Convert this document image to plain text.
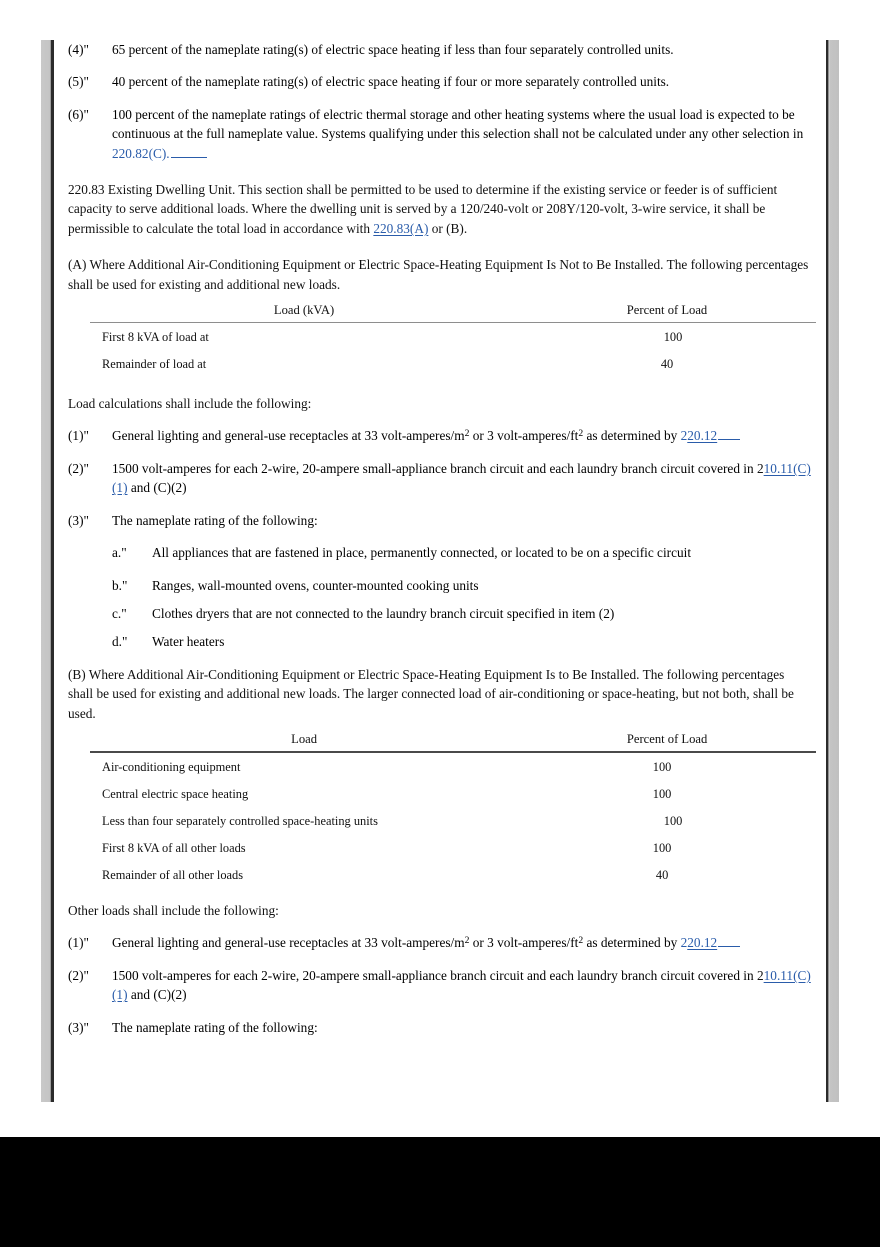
(4)"	65 percent of the nameplate rating(s) of electric space heating if less than four separately controlled units.
(5)"	40 percent of the nameplate rating(s) of electric space heating if four or more separately controlled units.
(6)"	100 percent of the nameplate ratings of electric thermal storage and other heating systems where the usual load is expected to be continuous at the full nameplate value. Systems qualifying under this selection shall not be calculated under any other selection in 220.82(C).

220.83 Existing Dwelling Unit. This section shall be permitted to be used to determine if the existing service or feeder is of sufficient capacity to serve additional loads. Where the dwelling unit is served by a 120/240-volt or 208Y/120-volt, 3-wire service, it shall be permissible to calculate the total load in accordance with 220.83(A) or (B).

(A) Where Additional Air-Conditioning Equipment or Electric Space-Heating Equipment Is Not to Be Installed. The following percentages shall be used for existing and additional new loads.

Load (kVA)	Percent of Load
First 8 kVA of load at	100
Remainder of load at	40

Load calculations shall include the following:

(1)"	General lighting and general-use receptacles at 33 volt-$amperes/m^2$ or 3 volt-$amperes/ft^2$ as determined by 220.12
(2)"	1500 volt-amperes for each 2-wire, 20-ampere small-appliance branch circuit and each laundry branch circuit covered in 210.11(C)(1) and (C)(2)
(3)"	The nameplate rating of the following:
a."	All appliances that are fastened in place, permanently connected, or located to be on a specific circuit
b."	Ranges, wall-mounted ovens, counter-mounted cooking units
c."	Clothes dryers that are not connected to the laundry branch circuit specified in item (2)
d."	Water heaters

(B) Where Additional Air-Conditioning Equipment or Electric Space-Heating Equipment Is to Be Installed. The following percentages shall be used for existing and additional new loads. The larger connected load of air-conditioning or space-heating, but not both, shall be used.

Load	Percent of Load
Air-conditioning equipment	100
Central electric space heating	100
Less than four separately controlled space-heating units	100
First 8 kVA of all other loads	100
Remainder of all other loads	40

Other loads shall include the following:

(1)"	General lighting and general-use receptacles at 33 volt-$amperes/m^2$ or 3 volt-$amperes/ft^2$ as determined by 220.12
(2)"	1500 volt-amperes for each 2-wire, 20-ampere small-appliance branch circuit and each laundry branch circuit covered in 210.11(C)(1) and (C)(2)
(3)"	The nameplate rating of the following:
